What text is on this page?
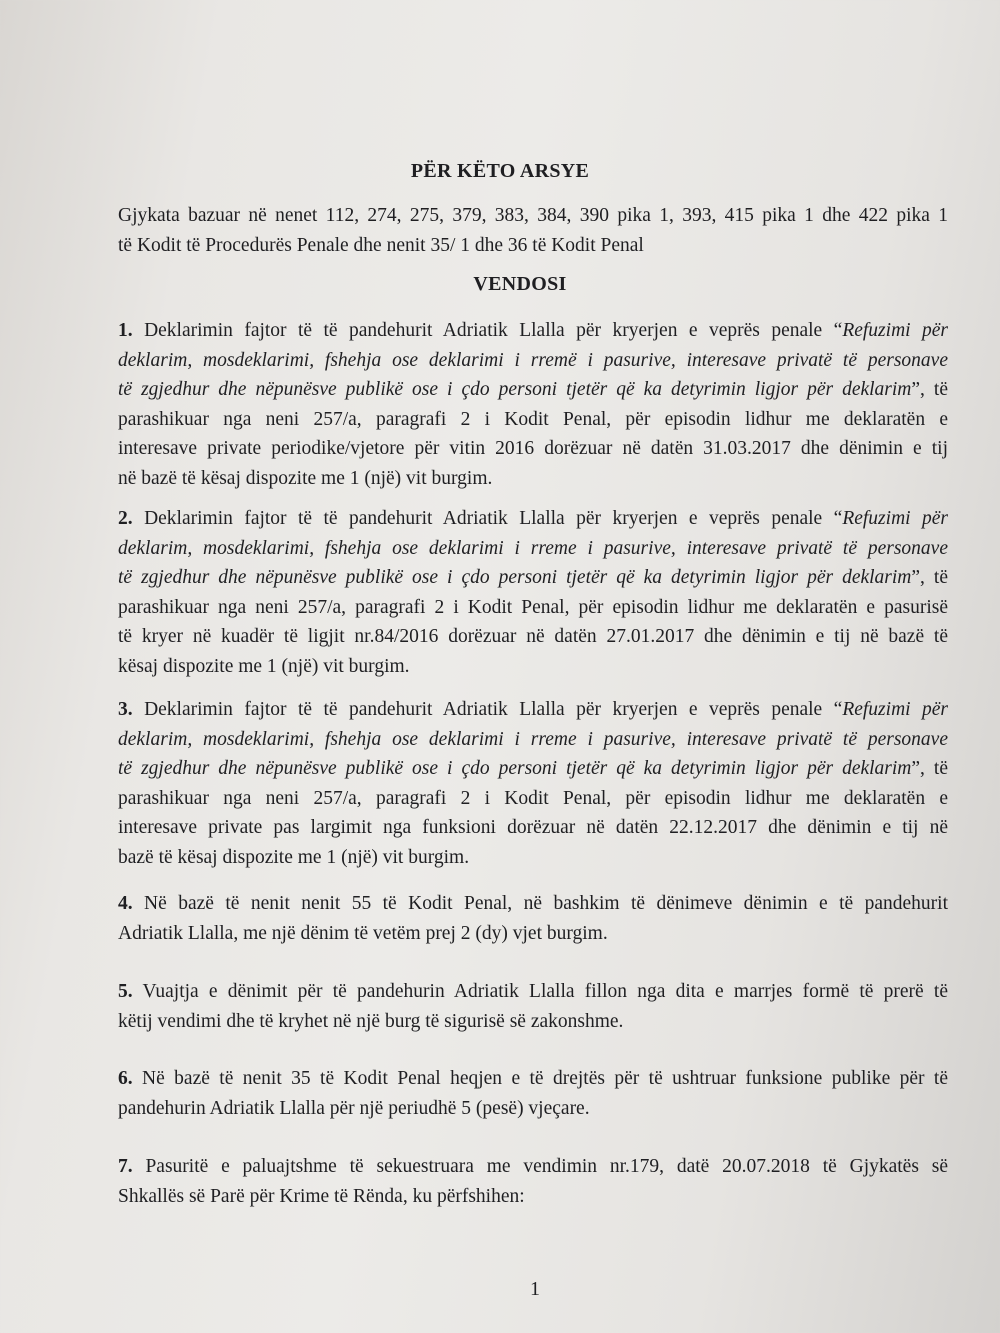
PËR KËTO ARSYE

Gjykata bazuar në nenet 112, 274, 275, 379, 383, 384, 390 pika 1, 393, 415 pika 1 dhe 422 pika 1
të Kodit të Procedurës Penale dhe nenit 35/ 1 dhe 36 të Kodit Penal

VENDOSI
1. Deklarimin fajtor të të pandehurit Adriatik Llalla për kryerjen e veprës penale “Refuzimi për
deklarim, mosdeklarimi, fshehja ose deklarimi i rremë i pasurive, interesave privatë të personave
të zgjedhur dhe nëpunësve publikë ose i çdo personi tjetër që ka detyrimin ligjor për deklarim”, të
parashikuar nga neni 257/a, paragrafi 2 i Kodit Penal, për episodin lidhur me deklaratën e
interesave private periodike/vjetore për vitin 2016 dorëzuar në datën 31.03.2017 dhe dënimin e tij
në bazë të kësaj dispozite me 1 (një) vit burgim.
2. Deklarimin fajtor të të pandehurit Adriatik Llalla për kryerjen e veprës penale “Refuzimi për
deklarim, mosdeklarimi, fshehja ose deklarimi i rreme i pasurive, interesave privatë të personave
të zgjedhur dhe nëpunësve publikë ose i çdo personi tjetër që ka detyrimin ligjor për deklarim”, të
parashikuar nga neni 257/a, paragrafi 2 i Kodit Penal, për episodin lidhur me deklaratën e pasurisë
të kryer në kuadër të ligjit nr.84/2016 dorëzuar në datën 27.01.2017 dhe dënimin e tij në bazë të
kësaj dispozite me 1 (një) vit burgim.
3. Deklarimin fajtor të të pandehurit Adriatik Llalla për kryerjen e veprës penale “Refuzimi për
deklarim, mosdeklarimi, fshehja ose deklarimi i rreme i pasurive, interesave privatë të personave
të zgjedhur dhe nëpunësve publikë ose i çdo personi tjetër që ka detyrimin ligjor për deklarim”, të
parashikuar nga neni 257/a, paragrafi 2 i Kodit Penal, për episodin lidhur me deklaratën e
interesave private pas largimit nga funksioni dorëzuar në datën 22.12.2017 dhe dënimin e tij në
bazë të kësaj dispozite me 1 (një) vit burgim.
4. Në bazë të nenit nenit 55 të Kodit Penal, në bashkim të dënimeve dënimin e të pandehurit
Adriatik Llalla, me një dënim të vetëm prej 2 (dy) vjet burgim.
5. Vuajtja e dënimit për të pandehurin Adriatik Llalla fillon nga dita e marrjes formë të prerë të
këtij vendimi dhe të kryhet në një burg të sigurisë së zakonshme.
6. Në bazë të nenit 35 të Kodit Penal heqjen e të drejtës për të ushtruar funksione publike për të
pandehurin Adriatik Llalla për një periudhë 5 (pesë) vjeçare.
7. Pasuritë e paluajtshme të sekuestruara me vendimin nr.179, datë 20.07.2018 të Gjykatës së
Shkallës së Parë për Krime të Rënda, ku përfshihen:
1
